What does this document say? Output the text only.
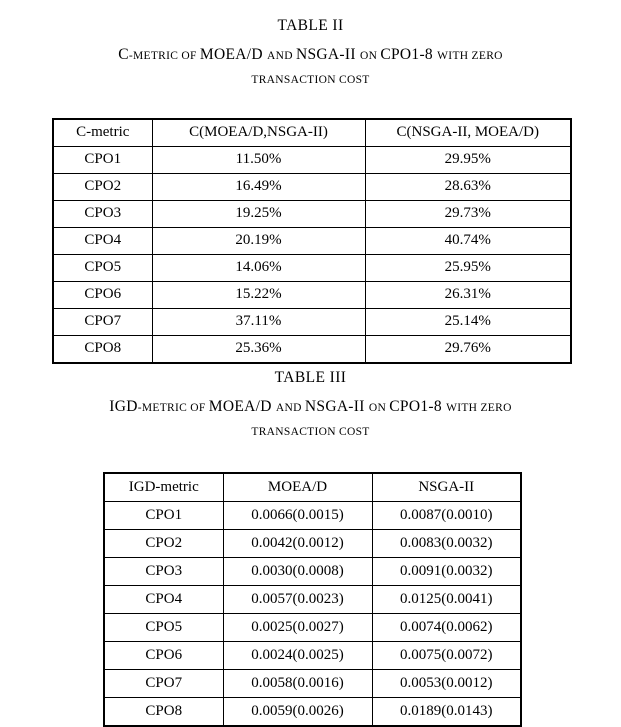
TABLE II
C-METRIC OF MOEA/D AND NSGA-II ON CPO1-8 WITH ZERO
TRANSACTION COST
C-metric	C(MOEA/D,NSGA-II)	C(NSGA-II, MOEA/D)
CPO1	11.50%	29.95%
CPO2	16.49%	28.63%
CPO3	19.25%	29.73%
CPO4	20.19%	40.74%
CPO5	14.06%	25.95%
CPO6	15.22%	26.31%
CPO7	37.11%	25.14%
CPO8	25.36%	29.76%
TABLE III
IGD-METRIC OF MOEA/D AND NSGA-II ON CPO1-8 WITH ZERO
TRANSACTION COST
IGD-metric	MOEA/D	NSGA-II
CPO1	0.0066(0.0015)	0.0087(0.0010)
CPO2	0.0042(0.0012)	0.0083(0.0032)
CPO3	0.0030(0.0008)	0.0091(0.0032)
CPO4	0.0057(0.0023)	0.0125(0.0041)
CPO5	0.0025(0.0027)	0.0074(0.0062)
CPO6	0.0024(0.0025)	0.0075(0.0072)
CPO7	0.0058(0.0016)	0.0053(0.0012)
CPO8	0.0059(0.0026)	0.0189(0.0143)
